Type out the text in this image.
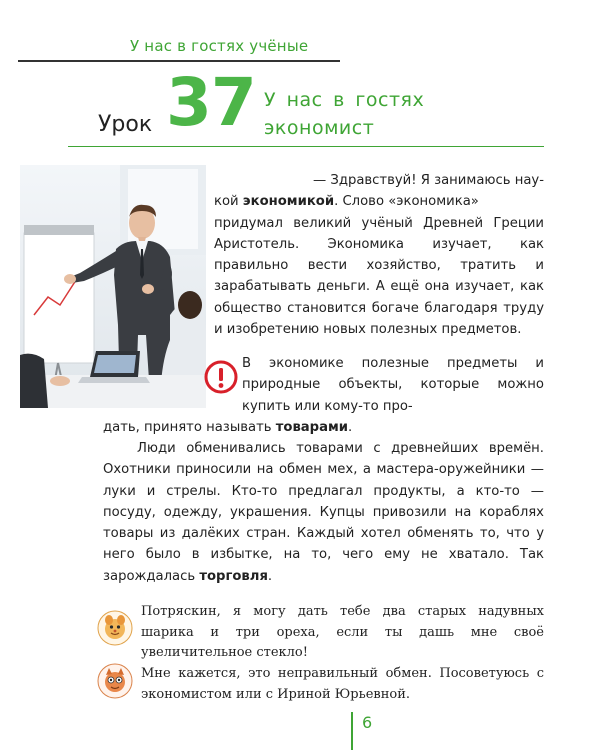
У нас в гостях учёные
Урок 37 У нас в гостях
экономист
— Здравствуй! Я занимаюсь нау-
кой экономикой. Слово «экономика»
придумал великий учёный Древней Греции Аристотель. Экономика изучает, как правильно вести хозяйство, тратить и зарабатывать деньги. А ещё она изучает, как общество становится богаче благодаря труду и изобретению новых полезных предметов.
В экономике полезные предметы и природные объекты, которые можно купить или кому-то про-
дать, принято называть товарами.
Люди обменивались товарами с древнейших времён. Охотники приносили на обмен мех, а мастера-оружейники — луки и стрелы. Кто-то предлагал продукты, а кто-то — посуду, одежду, украшения. Купцы привозили на кораблях товары из далёких стран. Каждый хотел обменять то, что у него было в избытке, на то, чего ему не хватало. Так зарождалась торговля.
Потряскин, я могу дать тебе два старых надувных шарика и три ореха, если ты дашь мне своё увеличительное стекло!
Мне кажется, это неправильный обмен. Посоветуюсь с экономистом или с Ириной Юрьевной.
6
